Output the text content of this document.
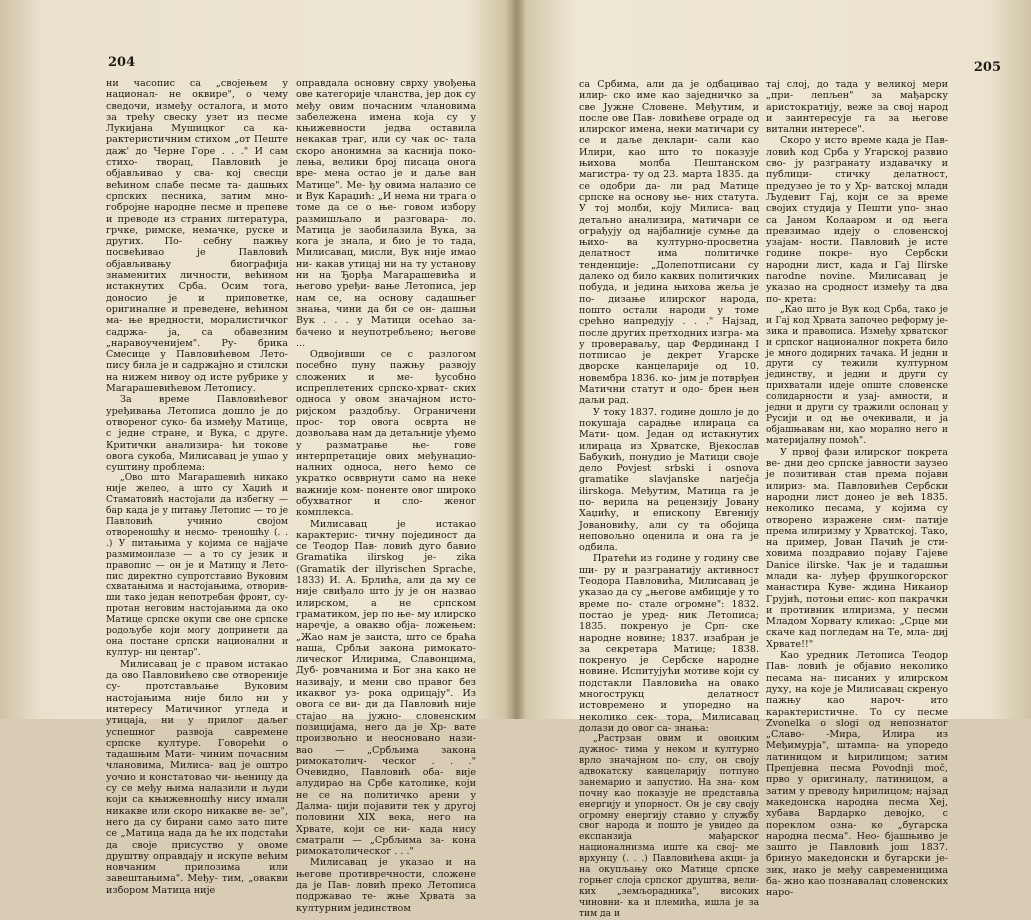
204

ни часопис са „својењем у национал- не оквире", о чему сведочи, између осталога, и мото за трећу свеску узет из песме Лукијана Мушицког са ка- рактеристичним стихом „от Пеште даж' до Черне Горе . . ." И сам стихо- творац, Павловић је објављивао у сва- кој свесци већином слабе песме та- дашњих српских песника, затим мно- гобројне народне песме и препеве и преводе из страних литература, грчке, римске, немачке, руске и других. По- себну пажњу посвећивао је Павловић објављивању биографија знаменитих личности, већином истакнутих Срба. Осим тога, доносио је и приповетке, оригиналне и преведене, већином ма- ње вредности, моралистичког садржа- ја, са обавезним „наравоученијем". Ру- брика Смесице у Павловићевом Лето- пису била је и садржајно и стилски на нижем нивоу од исте рубрике у Магарашевићевом Летопису.

За време Павловићевог уређивања Летописа дошло је до отвореног суко- ба између Матице, с једне стране, и Вука, с друге. Критички анализира- ћи токове овога сукоба, Милисавац је ушао у суштину проблема:

„Ово што Магарашевић никако није желео, а што су Хаџић и Стаматовић настојали да избегну — бар када је у питању Летопис — то је Павловић учинио својом отвореношћу и несмо- треношћу (. . .) У питањима у којима се најјаче размимоилазе — а то су језик и правопис — он је и Матицу и Лето- пис директно супротставио Вуковим схватањима и настојањима, отворив- ши тако један непотребан фронт, су- протан неговим настојањима да око Матице српске окупи све оне српске родољубе који могу допринети да она постане српски национални и култур- ни центар".

Милисавац је с правом истакао да ово Павловићево све отвореније су- протстављање Вуковим настојањима није било ни у интересу Матичиног угледа и утицаја, ни у прилог даљег успешног развоја савремене српске културе. Говорећи о тадашњим Мати- чиним почасним члановима, Милиса- вац је оштро уочио и констатовао чи- њеницу да су се међу њима налазили и људи који са књижевношћу нису имали никакве или скоро никакве ве- зе", него да су бирани само зато пите се „Матица нада да ће их подстаћи да своје присуство у овоме друштву оправдају и искупе већим новчаним прилозима или завештањима". Међу- тим, „овакви избором Матица није

оправдала основну сврху увођења ове категорије чланства, јер док су међу овим почасним члановима забележена имена која су у књижевности једва оставила некакав траг, или су чак ос- тала скоро анонимна за каснија поко- лења, велики број писаца онога вре- мена остао је и даље ван Матице". Ме- ђу овима налазио се и Вук Караџић: „И нема ни трага о томе да се о ње- говом избору размишљало и разговара- ло. Матица је заобилазила Вука, за кога је знала, и био је то тада, Милисавац, мисли, Вук није имао ни- какав утицај ни на ту установу ни на Ђорђа Магарашевића и његово уређи- вање Летописа, јер нам се, на основу садашњег знања, чини да би се он- дашњи Вук . . . у Матици осећао за- бачено и неупотребљено; његове ...

Одвојивши се с разлогом посебно пуну пажњу развоју сложених и ме- ђусобно испреплетених српско-хрват- ских односа у овом значајном исто- ријском раздобљу. Ограничени прос- тор овога осврта не дозвољава нам да детаљније уђемо у разматрање ње- гове интерпретације ових међунацио- налних односа, него ћемо се укратко освврнути само на неке важније ком- поненте овог широко обухватног и сло- женог комплекса.

Милисавац је истакао карактерис- тичну појединост да се Теодор Пав- ловић дуго бавио Gramatika ilirskog je- zika (Gramatik der illyrischen Sprache, 1833) И. А. Брлића, али да му се није свиђало што ју је он назвао илирском, а не српском граматиком, јер по ње- му илирско наречје, а овакво обја- ложењем: „Жао нам је заиста, што се браћа наша, Србљи закона римокато- лическог Илирима, Славонцима, Дуб- ровчанима и Бог зна како не називају, и мени сво правог без икаквог уз- рока одрицају". Из овога се ви- ди да Павловић није стајао на јужно- словенским позицијама, него да је Хр- вате произвољно и неосновано нази- вао — „Србљима закона римокатолич- ческог . . ." Очевидно, Павловић оба- виje алудирао на Србе католике, који не се на политичко арени у Далма- цији појавити тек у другој половини XIX века, него на Хрвате, који се ни- када нису сматрали — „Србљима за- кона римокатолическог . . ."

Милисавац је указао и на његове противречности, сложене да је Пав- ловић преко Летописа подржавао те- жње Хрвата за културним јединством

205

са Србима, али да је одбацивао илир- ско име као заједничко за све Јужне Словене. Међутим, и после ове Пав- ловићеве ограде од илирског имена, неки матичари су се и даље деклари- сали као Илири, као што то показује њихова молба Пештанском магистра- ту од 23. марта 1835. да се одобри да- ли рад Матице српске на основу ње- них статута. У тој молби, коју Милиса- вац детаљно анализира, матичари се ограђују од најбалније сумње да њихо- ва културно-просветна делатност има политичке тенденције: „Долепотписани су далеко од било каквих политичких побуда, и једина њихова жеља је по- дизање илирског народа, пошто остали народи у томе срећно напредују . . ." Најзад, после других претходних изгра- ма у провераваљу, цар Фердинанд I потписао је декрет Угарске дворске канцеларије од 10. новембра 1836. ко- јим је потврђен Матични статут и одо- брен њен даљи рад.

У току 1837. године дошло је до покушаја сарадње илираца са Мати- цом. Један од истакнутих илираца из Хрватске, Вјекослав Бабукић, понудио је Матици своје дело Povjest srbski i osnova gramatike slavjanske narječja ilirskoga. Међутим, Матица га је по- верила на рецензију Јовану Хаџићу, и епископу Евгенију Јовановићу, али су та обојица неповољно оценила и она га је одбила.

Пратећи из године у годину све ши- ру и разгранатију активност Теодора Павловића, Милисавац је указао да су „његове амбиције у то време по- стале огромне": 1832. постао је уред- ник Летописа; 1835. покренуо је Срп- ске народне новине; 1837. изабран је за секретара Матице; 1838. покренуо је Сербске народне новине. Испитујући мотиве који су подстакли Павловића на овако многострукц делатност истовремено и упоредно на неколико сек- тора, Милисавац долази до овог са- знања:

„Растрзан овим и овоиким дужнос- тима у неком и културно врло значајном по- слу, он своју адвокатску канцеларију потпуно занемарио и запустио. На зна- ком почну као показује не представља енергију и упорност. Он је сву своју огромну енергију ставио у службу свог народа и пошто је увидео да експанзија мађарског националнизма иште ка свој- ме врхунцу (. . .) Павловићева акци- ја на окупљању око Матице српске горњег слоја српског друштва, вели- ких „земљорадника", високих чиновни- ка и племића, ишла је за тим да и

тај слој, до тада у великој мери „при- лепљен" за мађарску аристократију, веже за свој народ и заинтересује га за његове витални интересе".

Скоро у исто време када је Пав- ловић код Срба у Угарској развио сво- ју разгранату издавачку и публици- стичку делатност, предузео је то у Хр- ватској млади Људевит Гај, који се за време својих студија у Пешти упо- знао са Јаном Колааром и од њега превзимао идеју о словенској узајам- ности. Павловић је исте године покре- нуо Сербски народни лист, када и Гај Ilirske narodne novine. Милисавац је указао на сродност између та два по- крета:

„Као што је Вук код Срба, тако је и Гај код Хрвата започео реформу је- зика и правописа. Између хрватског и српског националног покрета било је много додирних тачака. И једни и други су тежили културном јединству, и једни и други су прихватали идеје опште словенске солидарности и узај- амности, и једни и други су тражили ослонац у Русији и од ње очекивали, и ја објашњавам ни, као морално него и материјалну помоћ".

У првој фази илирског покрета ве- дни део српске јавности заузео је позитиван став према појави илириз- ма. Павловићев Сербски народни лист донео је већ 1835. неколико песама, у којима су отворено изражене сим- патије према илиризму у Хрватској. Тако, на пример, Јован Пачић је сти- ховима поздравио појаву Гајеве Danice ilirske. Чак је и тадашњи млади ка- луђер фрушкогорског манастира Куве- ждина Никанор Грујић, потоњи епис- коп пакрачки и противник илиризма, у песми Младом Хорвату кликао: „Срце ми скаче кад погледам на Те, мла- диј Хрвате!!"

Као уредник Летописа Теодор Пав- ловић је објавио неколико песама на- писаних у илирском духу, на које је Милисавац скренуо пажњу као нароч- ито карактеристичне. То су песме Zvonelka o slogi од непознатог „Славо- -Мира, Илира из Међимурја", штампа- на упоредо латиницом и ћирилицом; затим Препјевна песма Povodnji moč, прво у оригиналу, латиницом, а затим у преводу ћирилицом; најзад македонска народна песма Хеј, хубава Вардарко девојко, с пореклом озна- ке „бугарска народна песма". Нео- бјашњиво је зашто је Павловић још 1837. бринуо македонски и бугарски је- зик, иако је међу савременицима ба- жно као познавалац словенских наро-
